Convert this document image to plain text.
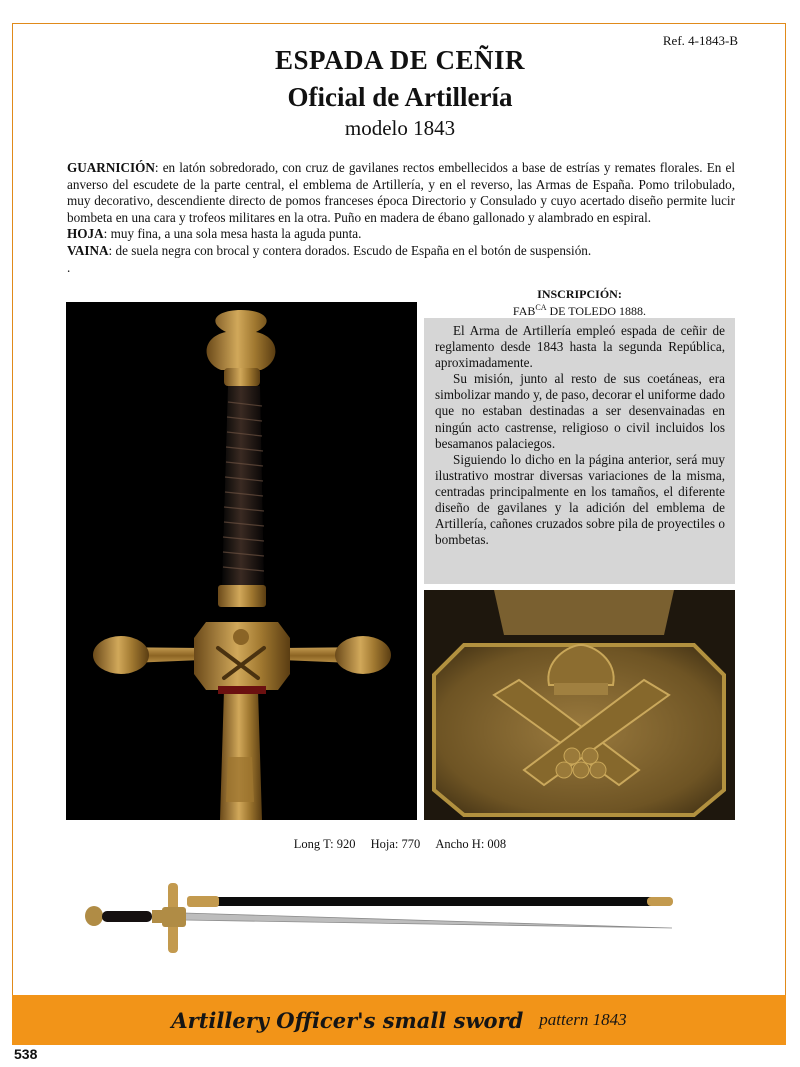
Ref. 4-1843-B
ESPADA DE CEÑIR
Oficial de Artillería
modelo 1843

GUARNICIÓN: en latón sobredorado, con cruz de gavilanes rectos embellecidos a base de estrías y remates florales. En el anverso del escudete de la parte central, el emblema de Artillería, y en el reverso, las Armas de España. Pomo trilobulado, muy decorativo, descendiente directo de pomos franceses época Directorio y Consulado y cuyo acertado diseño permite lucir bombeta en una cara y trofeos militares en la otra. Puño en madera de ébano gallonado y alambrado en espiral.

HOJA: muy fina, a una sola mesa hasta la aguda punta.

VAINA: de suela negra con brocal y contera dorados. Escudo de España en el botón de suspensión.

.

INSCRIPCIÓN:
$FAB^{CA}$ DE TOLEDO 1888.

El Arma de Artillería empleó espada de ceñir de reglamento desde 1843 hasta la segunda República, aproximadamente.

Su misión, junto al resto de sus coetáneas, era simbolizar mando y, de paso, decorar el uniforme dado que no estaban destinadas a ser desenvainadas en ningún acto castrense, religioso o civil incluidos los besamanos palaciegos.

Siguiendo lo dicho en la página anterior, será muy ilustrativo mostrar diversas variaciones de la misma, centradas principalmente en los tamaños, el diferente diseño de gavilanes y la adición del emblema de Artillería, cañones cruzados sobre pila de proyectiles o bombetas.

Long T: 920 Hoja: 770 Ancho H: 008
Artillery Officer's small sword pattern 1843
538
